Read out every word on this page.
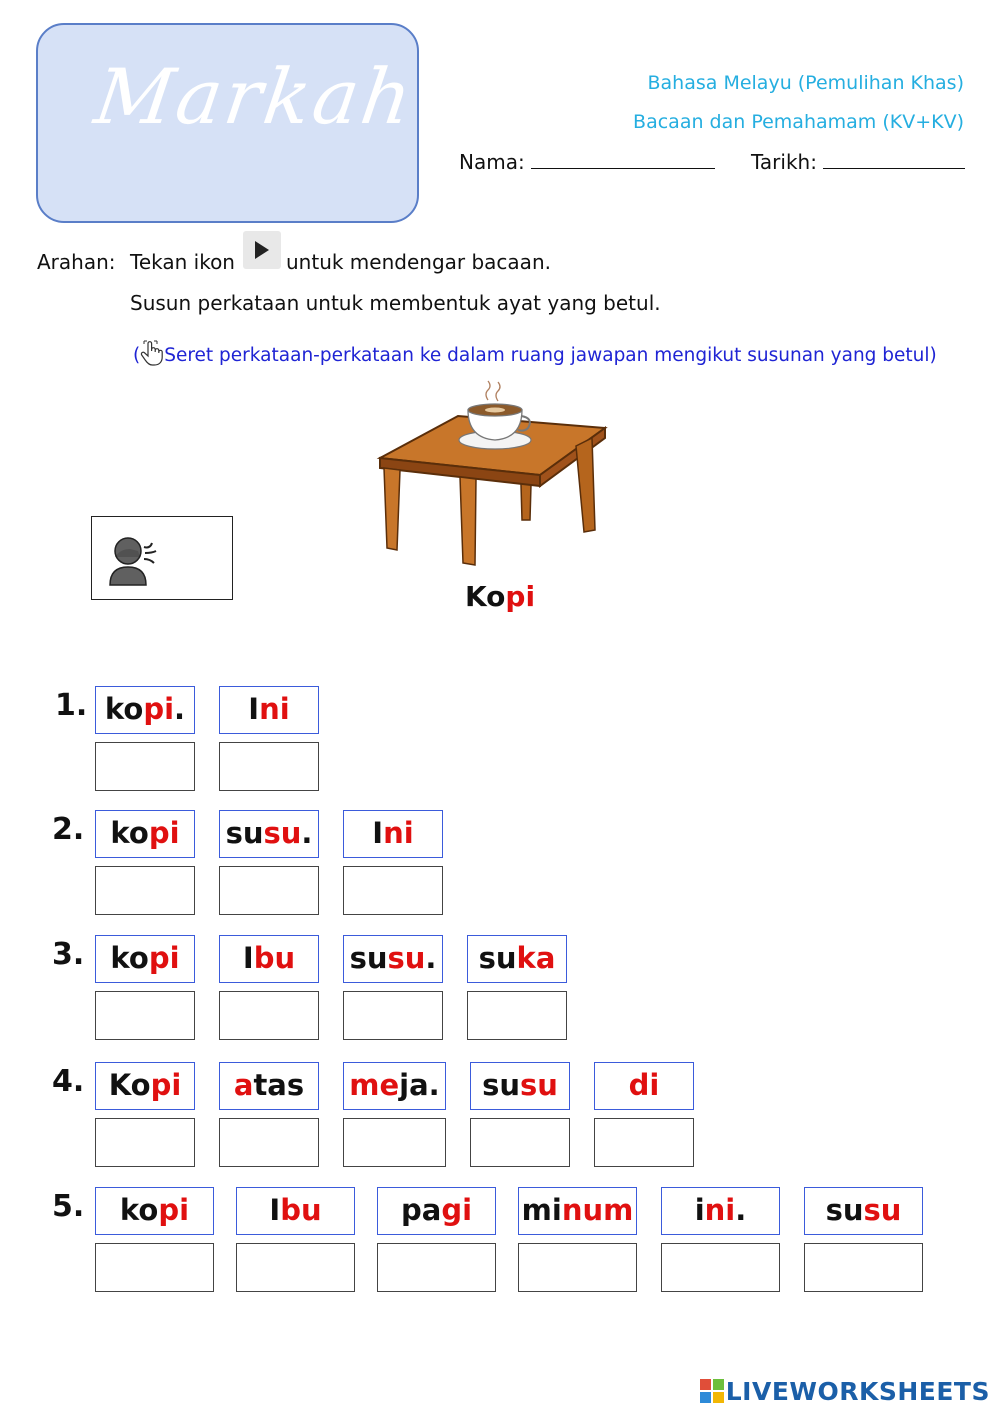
Markah	Bahasa Melayu (Pemulihan Khas)
Bacaan dan Pemahamam (KV+KV)
Nama:	Tarikh:
Arahan: Tekan ikon	untuk mendengar bacaan.
Susun perkataan untuk membentuk ayat yang betul.
( Seret perkataan-perkataan ke dalam ruang jawapan mengikut susunan yang betul)
Kopi
1. kopi.	Ini
2. kopi	susu.	Ini
3. kopi	Ibu	susu.	suka
4. Kopi	atas	meja.	susu	di
5.	kopi	Ibu	pagi	minum	ini.	susu
LIVEWORKSHEETS
